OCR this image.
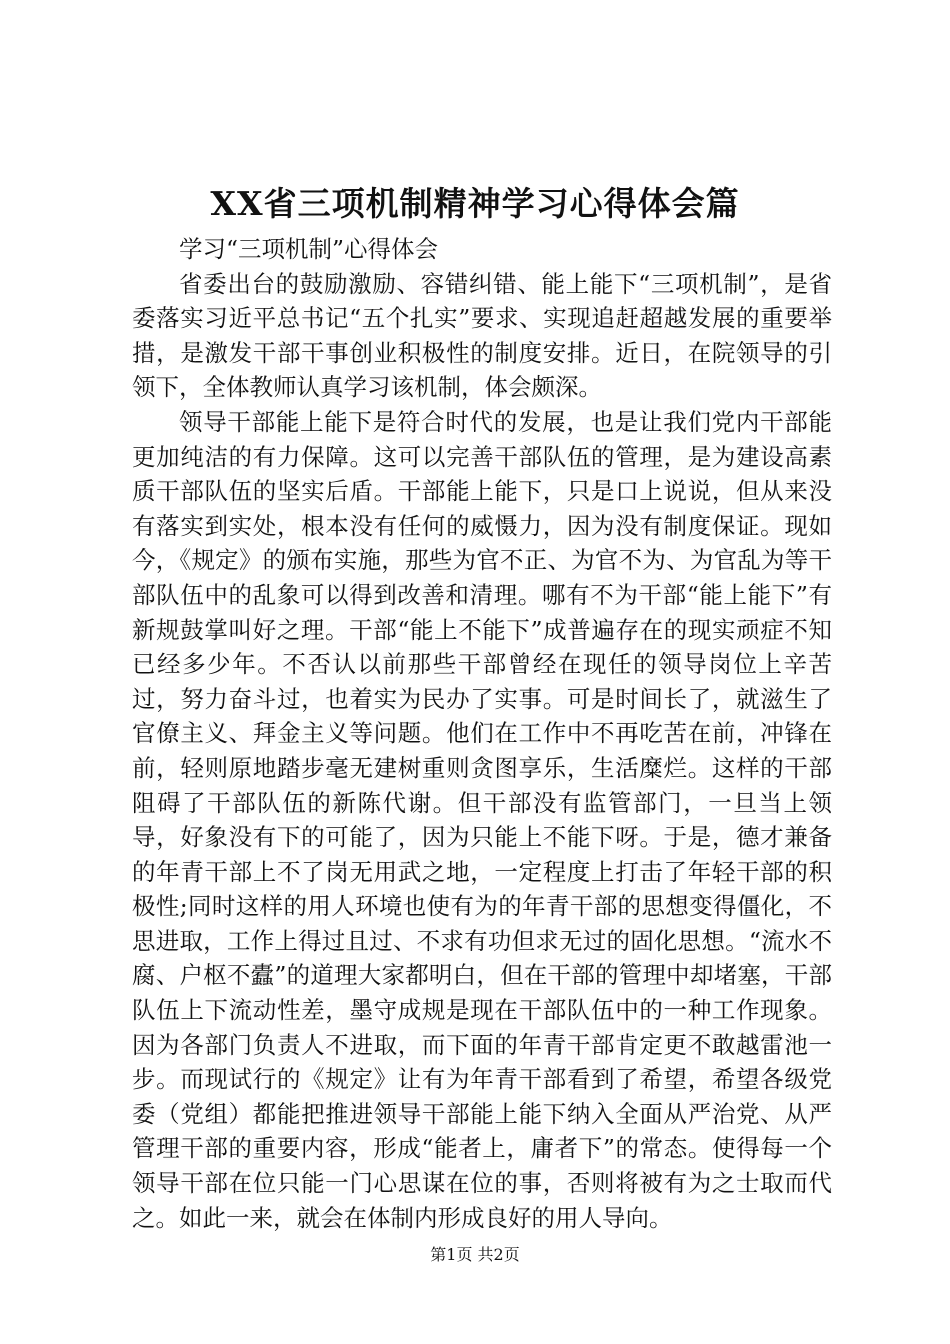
XX省三项机制精神学习心得体会篇

学习“三项机制”心得体会

省委出台的鼓励激励、容错纠错、能上能下“三项机制”，是省委落实习近平总书记“五个扎实”要求、实现追赶超越发展的重要举措，是激发干部干事创业积极性的制度安排。近日，在院领导的引领下，全体教师认真学习该机制，体会颇深。

领导干部能上能下是符合时代的发展，也是让我们党内干部能更加纯洁的有力保障。这可以完善干部队伍的管理，是为建设高素质干部队伍的坚实后盾。干部能上能下，只是口上说说，但从来没有落实到实处，根本没有任何的威慑力，因为没有制度保证。现如今，《规定》的颁布实施，那些为官不正、为官不为、为官乱为等干部队伍中的乱象可以得到改善和清理。哪有不为干部“能上能下”有新规鼓掌叫好之理。干部“能上不能下”成普遍存在的现实顽症不知已经多少年。不否认以前那些干部曾经在现任的领导岗位上辛苦过，努力奋斗过，也着实为民办了实事。可是时间长了，就滋生了官僚主义、拜金主义等问题。他们在工作中不再吃苦在前，冲锋在前，轻则原地踏步毫无建树重则贪图享乐，生活糜烂。这样的干部阻碍了干部队伍的新陈代谢。但干部没有监管部门，一旦当上领导，好象没有下的可能了，因为只能上不能下呀。于是，德才兼备的年青干部上不了岗无用武之地，一定程度上打击了年轻干部的积极性;同时这样的用人环境也使有为的年青干部的思想变得僵化，不思进取，工作上得过且过、不求有功但求无过的固化思想。“流水不腐、户枢不蠹”的道理大家都明白，但在干部的管理中却堵塞，干部队伍上下流动性差，墨守成规是现在干部队伍中的一种工作现象。因为各部门负责人不进取，而下面的年青干部肯定更不敢越雷池一步。而现试行的《规定》让有为年青干部看到了希望，希望各级党委（党组）都能把推进领导干部能上能下纳入全面从严治党、从严管理干部的重要内容，形成“能者上，庸者下”的常态。使得每一个领导干部在位只能一门心思谋在位的事，否则将被有为之士取而代之。如此一来，就会在体制内形成良好的用人导向。

第1页 共2页
